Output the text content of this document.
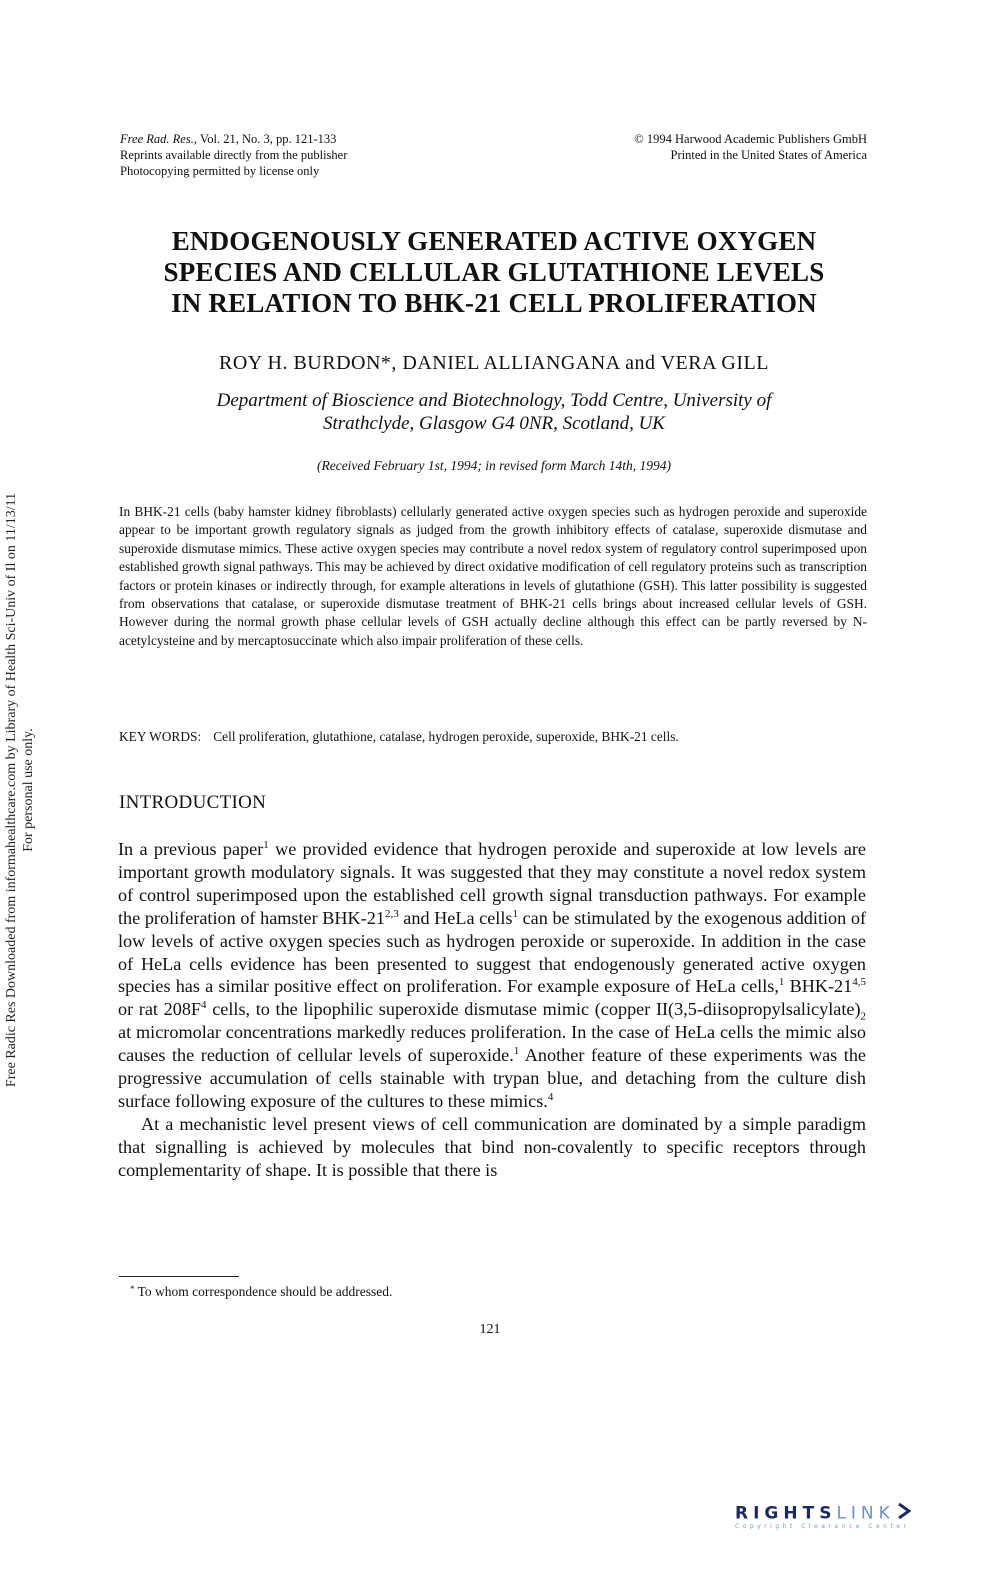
Free Rad. Res., Vol. 21, No. 3, pp. 121-133
Reprints available directly from the publisher
Photocopying permitted by license only
© 1994 Harwood Academic Publishers GmbH
Printed in the United States of America
ENDOGENOUSLY GENERATED ACTIVE OXYGEN
SPECIES AND CELLULAR GLUTATHIONE LEVELS
IN RELATION TO BHK-21 CELL PROLIFERATION
ROY H. BURDON*, DANIEL ALLIANGANA and VERA GILL
Department of Bioscience and Biotechnology, Todd Centre, University of
Strathclyde, Glasgow G4 0NR, Scotland, UK
(Received February 1st, 1994; in revised form March 14th, 1994)
In BHK-21 cells (baby hamster kidney fibroblasts) cellularly generated active oxygen species such as hydrogen peroxide and superoxide appear to be important growth regulatory signals as judged from the growth inhibitory effects of catalase, superoxide dismutase and superoxide dismutase mimics. These active oxygen species may contribute a novel redox system of regulatory control superimposed upon established growth signal pathways. This may be achieved by direct oxidative modification of cell regulatory proteins such as transcription factors or protein kinases or indirectly through, for example alterations in levels of glutathione (GSH). This latter possibility is suggested from observations that catalase, or superoxide dismutase treatment of BHK-21 cells brings about increased cellular levels of GSH. However during the normal growth phase cellular levels of GSH actually decline although this effect can be partly reversed by N-acetylcysteine and by mercaptosuccinate which also impair proliferation of these cells.
KEY WORDS: Cell proliferation, glutathione, catalase, hydrogen peroxide, superoxide, BHK-21 cells.
INTRODUCTION

In a previous paper$^1$ we provided evidence that hydrogen peroxide and superoxide at low levels are important growth modulatory signals. It was suggested that they may constitute a novel redox system of control superimposed upon the established cell growth signal transduction pathways. For example the proliferation of hamster BHK-21$^{2,3}$ and HeLa cells$^1$ can be stimulated by the exogenous addition of low levels of active oxygen species such as hydrogen peroxide or superoxide. In addition in the case of HeLa cells evidence has been presented to suggest that endogenously generated active oxygen species has a similar positive effect on proliferation. For example exposure of HeLa cells,$^1$ BHK-21$^{4,5}$ or rat $208F^4$ cells, to the lipophilic superoxide dismutase mimic (copper $II(3,5-diisopropylsalicylate)_2$ at micromolar concentrations markedly reduces proliferation. In the case of HeLa cells the mimic also causes the reduction of cellular levels of superoxide.$^1$ Another feature of these experiments was the progressive accumulation of cells stainable with trypan blue, and detaching from the culture dish surface following exposure of the cultures to these mimics.$^4$

At a mechanistic level present views of cell communication are dominated by a simple paradigm that signalling is achieved by molecules that bind non-covalently to specific receptors through complementarity of shape. It is possible that there is

* To whom correspondence should be addressed.
121
Free Radic Res Downloaded from informahealthcare.com by Library of Health Sci-Univ of Il on 11/13/11 For personal use only.
RIGHTSLINK
Copyright Clearance Center
